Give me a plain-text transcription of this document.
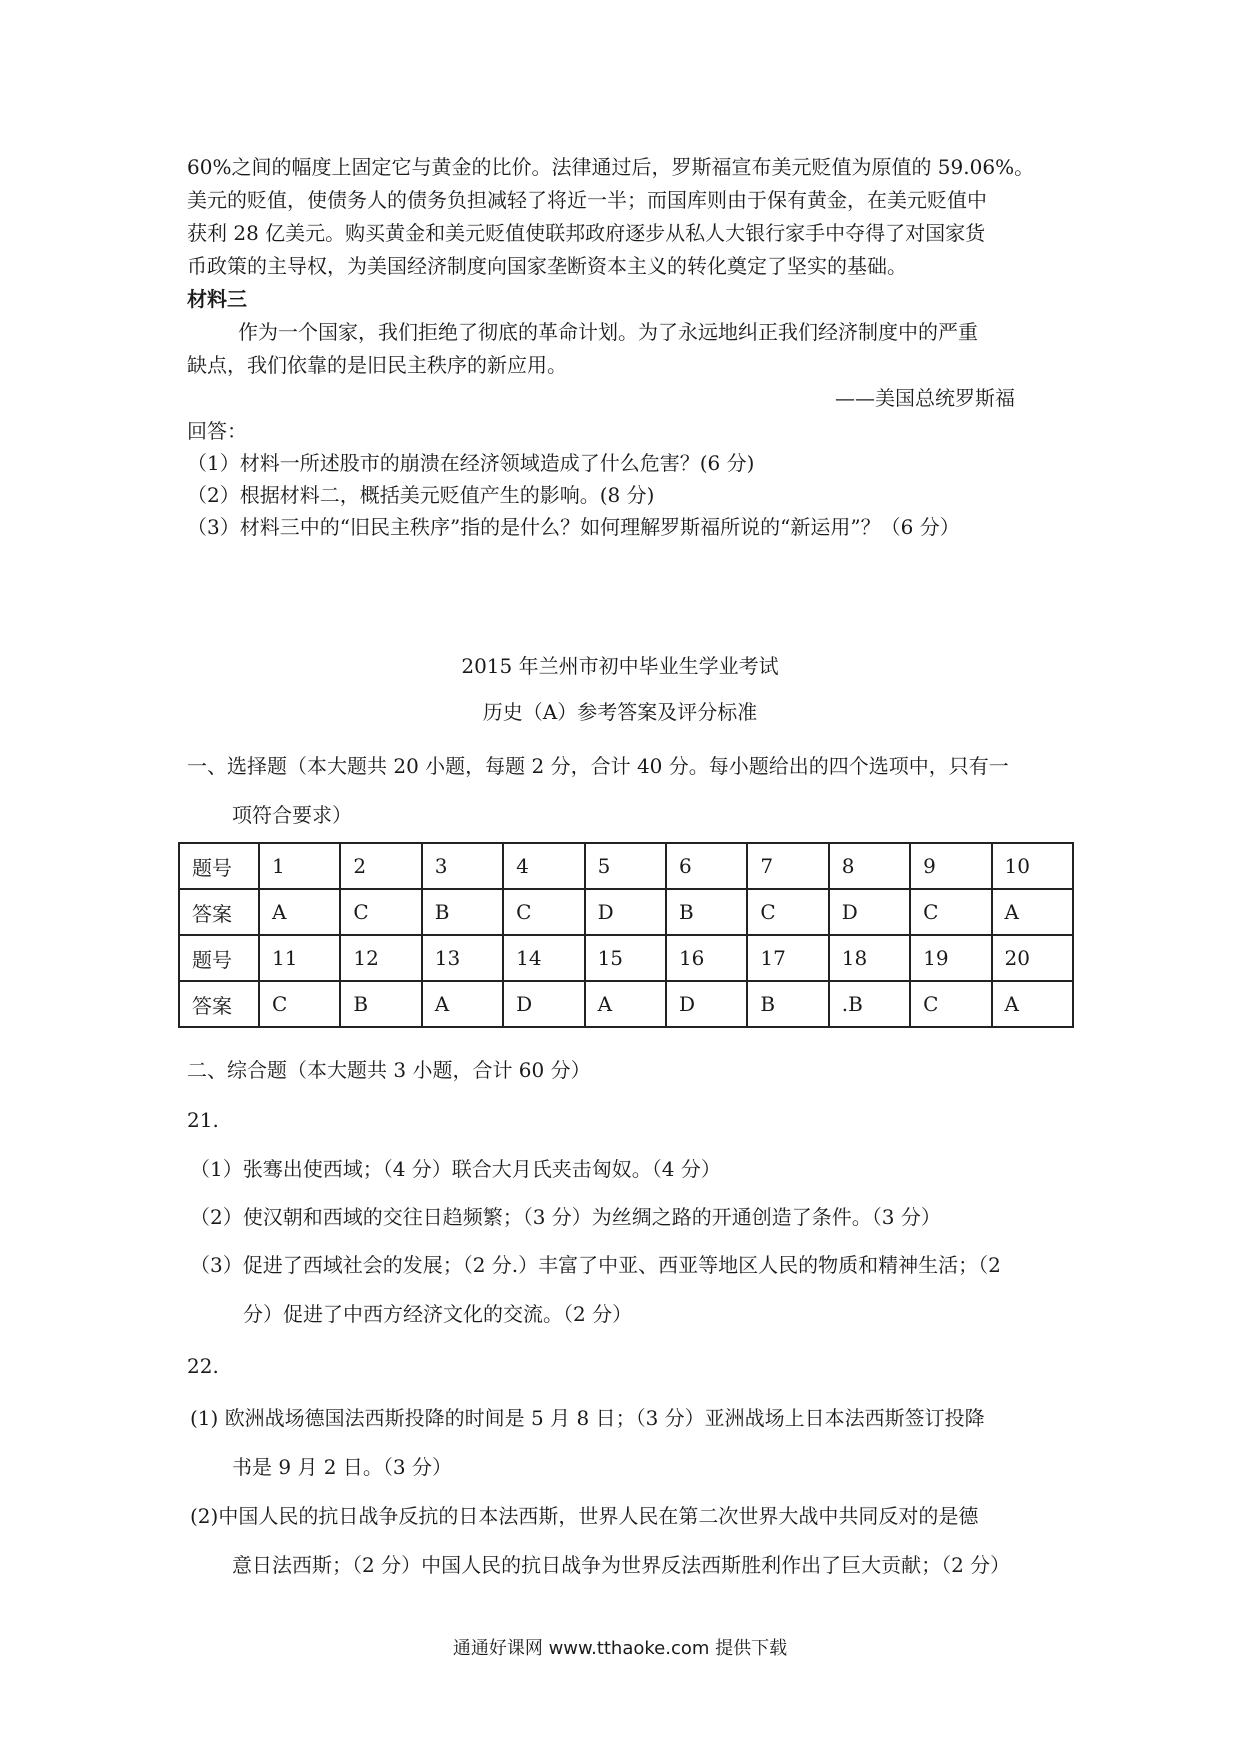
60%之间的幅度上固定它与黄金的比价。法律通过后，罗斯福宣布美元贬值为原值的 59.06%。
美元的贬值，使债务人的债务负担减轻了将近一半；而国库则由于保有黄金，在美元贬值中
获利 28 亿美元。购买黄金和美元贬值使联邦政府逐步从私人大银行家手中夺得了对国家货
币政策的主导权，为美国经济制度向国家垄断资本主义的转化奠定了坚实的基础。
材料三
作为一个国家，我们拒绝了彻底的革命计划。为了永远地纠正我们经济制度中的严重
缺点，我们依靠的是旧民主秩序的新应用。
——美国总统罗斯福
回答：
（1）材料一所述股市的崩溃在经济领域造成了什么危害？(6 分)
（2）根据材料二，概括美元贬值产生的影响。(8 分)
（3）材料三中的“旧民主秩序”指的是什么？如何理解罗斯福所说的“新运用”？（6 分）
2015 年兰州市初中毕业生学业考试
历史（A）参考答案及评分标准
一、选择题（本大题共 20 小题，每题 2 分，合计 40 分。每小题给出的四个选项中，只有一
项符合要求）
题号	1	2	3	4	5	6	7	8	9	10
答案	A	C	B	C	D	B	C	D	C	A
题号	11	12	13	14	15	16	17	18	19	20
答案	C	B	A	D	A	D	B	.B	C	A
二、综合题（本大题共 3 小题，合计 60 分）
21.
（1）张骞出使西域；（4 分）联合大月氏夹击匈奴。（4 分）
（2）使汉朝和西域的交往日趋频繁；（3 分）为丝绸之路的开通创造了条件。（3 分）
（3）促进了西域社会的发展；（2 分.）丰富了中亚、西亚等地区人民的物质和精神生活；（2
分）促进了中西方经济文化的交流。（2 分）
22.
(1) 欧洲战场德国法西斯投降的时间是 5 月 8 日；（3 分）亚洲战场上日本法西斯签订投降
书是 9 月 2 日。（3 分）
(2)中国人民的抗日战争反抗的日本法西斯，世界人民在第二次世界大战中共同反对的是德
意日法西斯；（2 分）中国人民的抗日战争为世界反法西斯胜利作出了巨大贡献；（2 分）
通通好课网 www.tthaoke.com 提供下载
